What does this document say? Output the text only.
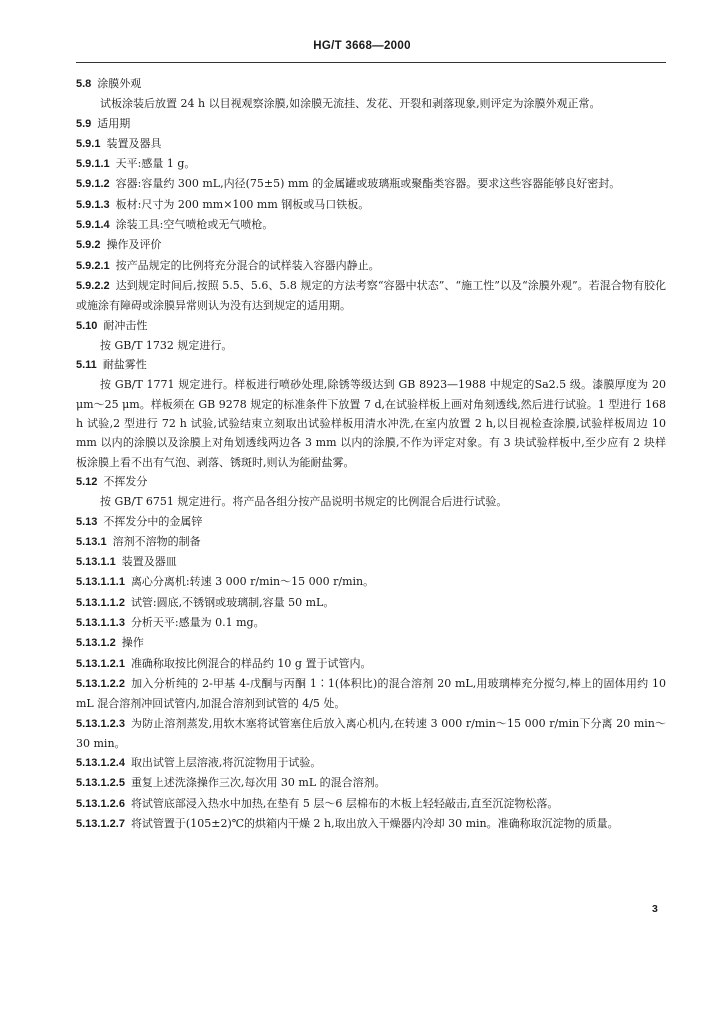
HG/T 3668—2000

5.8 涂膜外观

试板涂装后放置 24 h 以目视观察涂膜,如涂膜无流挂、发花、开裂和剥落现象,则评定为涂膜外观正常。

5.9 适用期

5.9.1 装置及器具

5.9.1.1 天平:感量 1 g。

5.9.1.2 容器:容量约 300 mL,内径(75±5) mm 的金属罐或玻璃瓶或聚酯类容器。要求这些容器能够良好密封。

5.9.1.3 板材:尺寸为 200 mm×100 mm 钢板或马口铁板。

5.9.1.4 涂装工具:空气喷枪或无气喷枪。

5.9.2 操作及评价

5.9.2.1 按产品规定的比例将充分混合的试样装入容器内静止。

5.9.2.2 达到规定时间后,按照 5.5、5.6、5.8 规定的方法考察“容器中状态”、“施工性”以及“涂膜外观”。若混合物有胶化或施涂有障碍或涂膜异常则认为没有达到规定的适用期。

5.10 耐冲击性

按 GB/T 1732 规定进行。

5.11 耐盐雾性

按 GB/T 1771 规定进行。样板进行喷砂处理,除锈等级达到 GB 8923—1988 中规定的Sa2.5 级。漆膜厚度为 20 μm～25 μm。样板须在 GB 9278 规定的标准条件下放置 7 d,在试验样板上画对角刻透线,然后进行试验。1 型进行 168 h 试验,2 型进行 72 h 试验,试验结束立刻取出试验样板用清水冲洗,在室内放置 2 h,以目视检查涂膜,试验样板周边 10 mm 以内的涂膜以及涂膜上对角划透线两边各 3 mm 以内的涂膜,不作为评定对象。有 3 块试验样板中,至少应有 2 块样板涂膜上看不出有气泡、剥落、锈斑时,则认为能耐盐雾。

5.12 不挥发分

按 GB/T 6751 规定进行。将产品各组分按产品说明书规定的比例混合后进行试验。

5.13 不挥发分中的金属锌

5.13.1 溶剂不溶物的制备

5.13.1.1 装置及器皿

5.13.1.1.1 离心分离机:转速 3 000 r/min～15 000 r/min。

5.13.1.1.2 试管:圆底,不锈钢或玻璃制,容量 50 mL。

5.13.1.1.3 分析天平:感量为 0.1 mg。

5.13.1.2 操作

5.13.1.2.1 准确称取按比例混合的样品约 10 g 置于试管内。

5.13.1.2.2 加入分析纯的 2-甲基 4-戊酮与丙酮 1∶1(体积比)的混合溶剂 20 mL,用玻璃棒充分搅匀,棒上的固体用约 10 mL 混合溶剂冲回试管内,加混合溶剂到试管的 4/5 处。

5.13.1.2.3 为防止溶剂蒸发,用软木塞将试管塞住后放入离心机内,在转速 3 000 r/min～15 000 r/min下分离 20 min～30 min。

5.13.1.2.4 取出试管上层溶液,将沉淀物用于试验。

5.13.1.2.5 重复上述洗涤操作三次,每次用 30 mL 的混合溶剂。

5.13.1.2.6 将试管底部浸入热水中加热,在垫有 5 层～6 层棉布的木板上轻轻敲击,直至沉淀物松落。

5.13.1.2.7 将试管置于(105±2)℃的烘箱内干燥 2 h,取出放入干燥器内冷却 30 min。准确称取沉淀物的质量。

3
